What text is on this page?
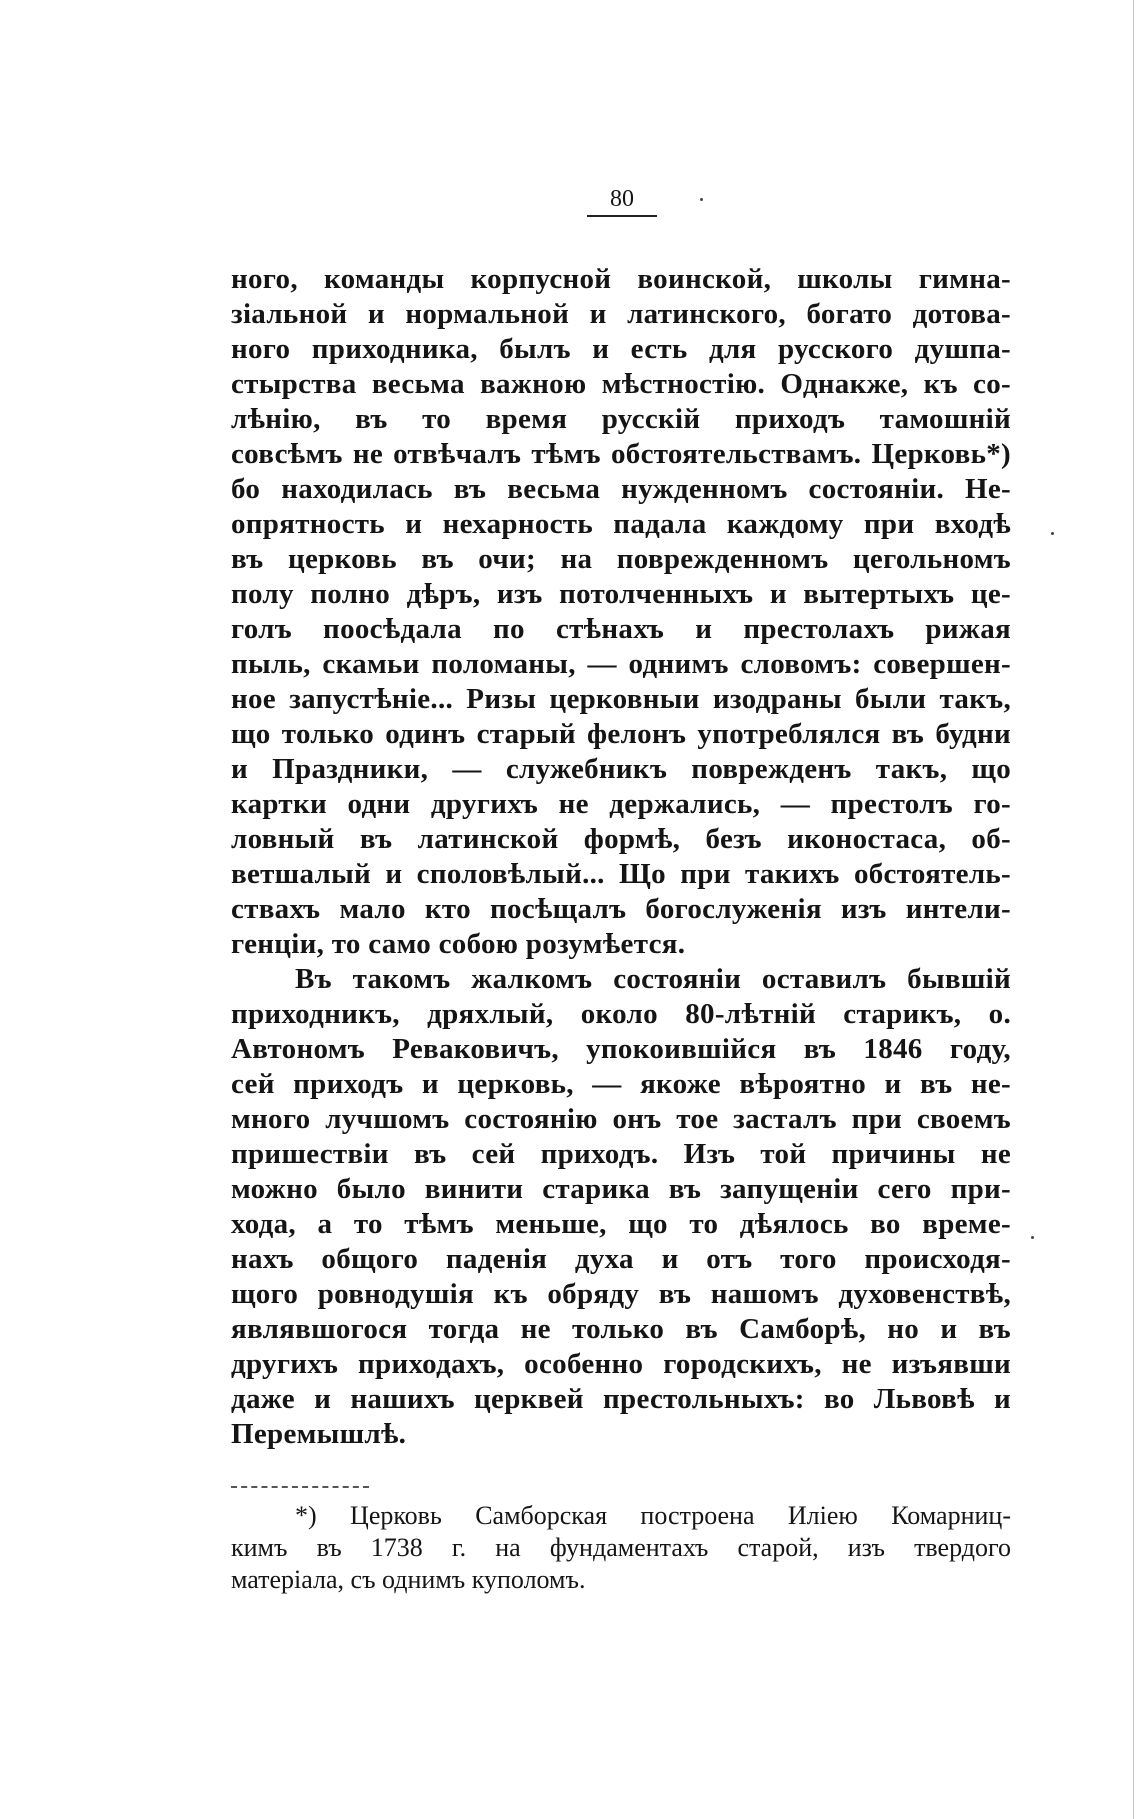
80
ного, команды корпусной воинской, школы гимна-
зіальной и нормальной и латинского, богато дотова-
ного приходника, былъ и есть для русского душпа-
стырства весьма важною мѣстностію. Однакже, къ со-
лѣнію, въ то время русскій приходъ тамошній
совсѣмъ не отвѣчалъ тѣмъ обстоятельствамъ. Церковь*)
бо находилась въ весьма нужденномъ состояніи. Не-
опрятность и нехарность падала каждому при входѣ
въ церковь въ очи; на поврежденномъ цегольномъ
полу полно дѣръ, изъ потолченныхъ и вытертыхъ це-
голъ поосѣдала по стѣнахъ и престолахъ рижая
пыль, скамьи поломаны, — однимъ словомъ: совершен-
ное запустѣніе... Ризы церковныи изодраны были такъ,
що только одинъ старый фелонъ употреблялся въ будни
и Праздники, — служебникъ поврежденъ такъ, що
картки одни другихъ не держались, — престолъ го-
ловный въ латинской формѣ, безъ иконостаса, об-
ветшалый и споловѣлый... Що при такихъ обстоятель-
ствахъ мало кто посѣщалъ богослуженія изъ интели-
генціи, то само собою розумѣется.
Въ такомъ жалкомъ состояніи оставилъ бывшій
приходникъ, дряхлый, около 80-лѣтній старикъ, о.
Автономъ Реваковичъ, упокоившійся въ 1846 году,
сей приходъ и церковь, — якоже вѣроятно и въ не-
много лучшомъ состоянію онъ тое засталъ при своемъ
пришествіи въ сей приходъ. Изъ той причины не
можно было винити старика въ запущеніи сего при-
хода, а то тѣмъ меньше, що то дѣялось во времe-
нахъ общого паденія духа и отъ того происходя-
щого ровнодушія къ обряду въ нашомъ духовенствѣ,
являвшогося тогда не только въ Самборѣ, но и въ
другихъ приходахъ, особенно городскихъ, не изъявши
даже и нашихъ церквей престольныхъ: во Львовѣ и
Перемышлѣ.
*) Церковь Самборская построена Иліею Комарниц-
кимъ въ 1738 г. на фундаментахъ старой, изъ твердого
матеріала, съ однимъ куполомъ.
